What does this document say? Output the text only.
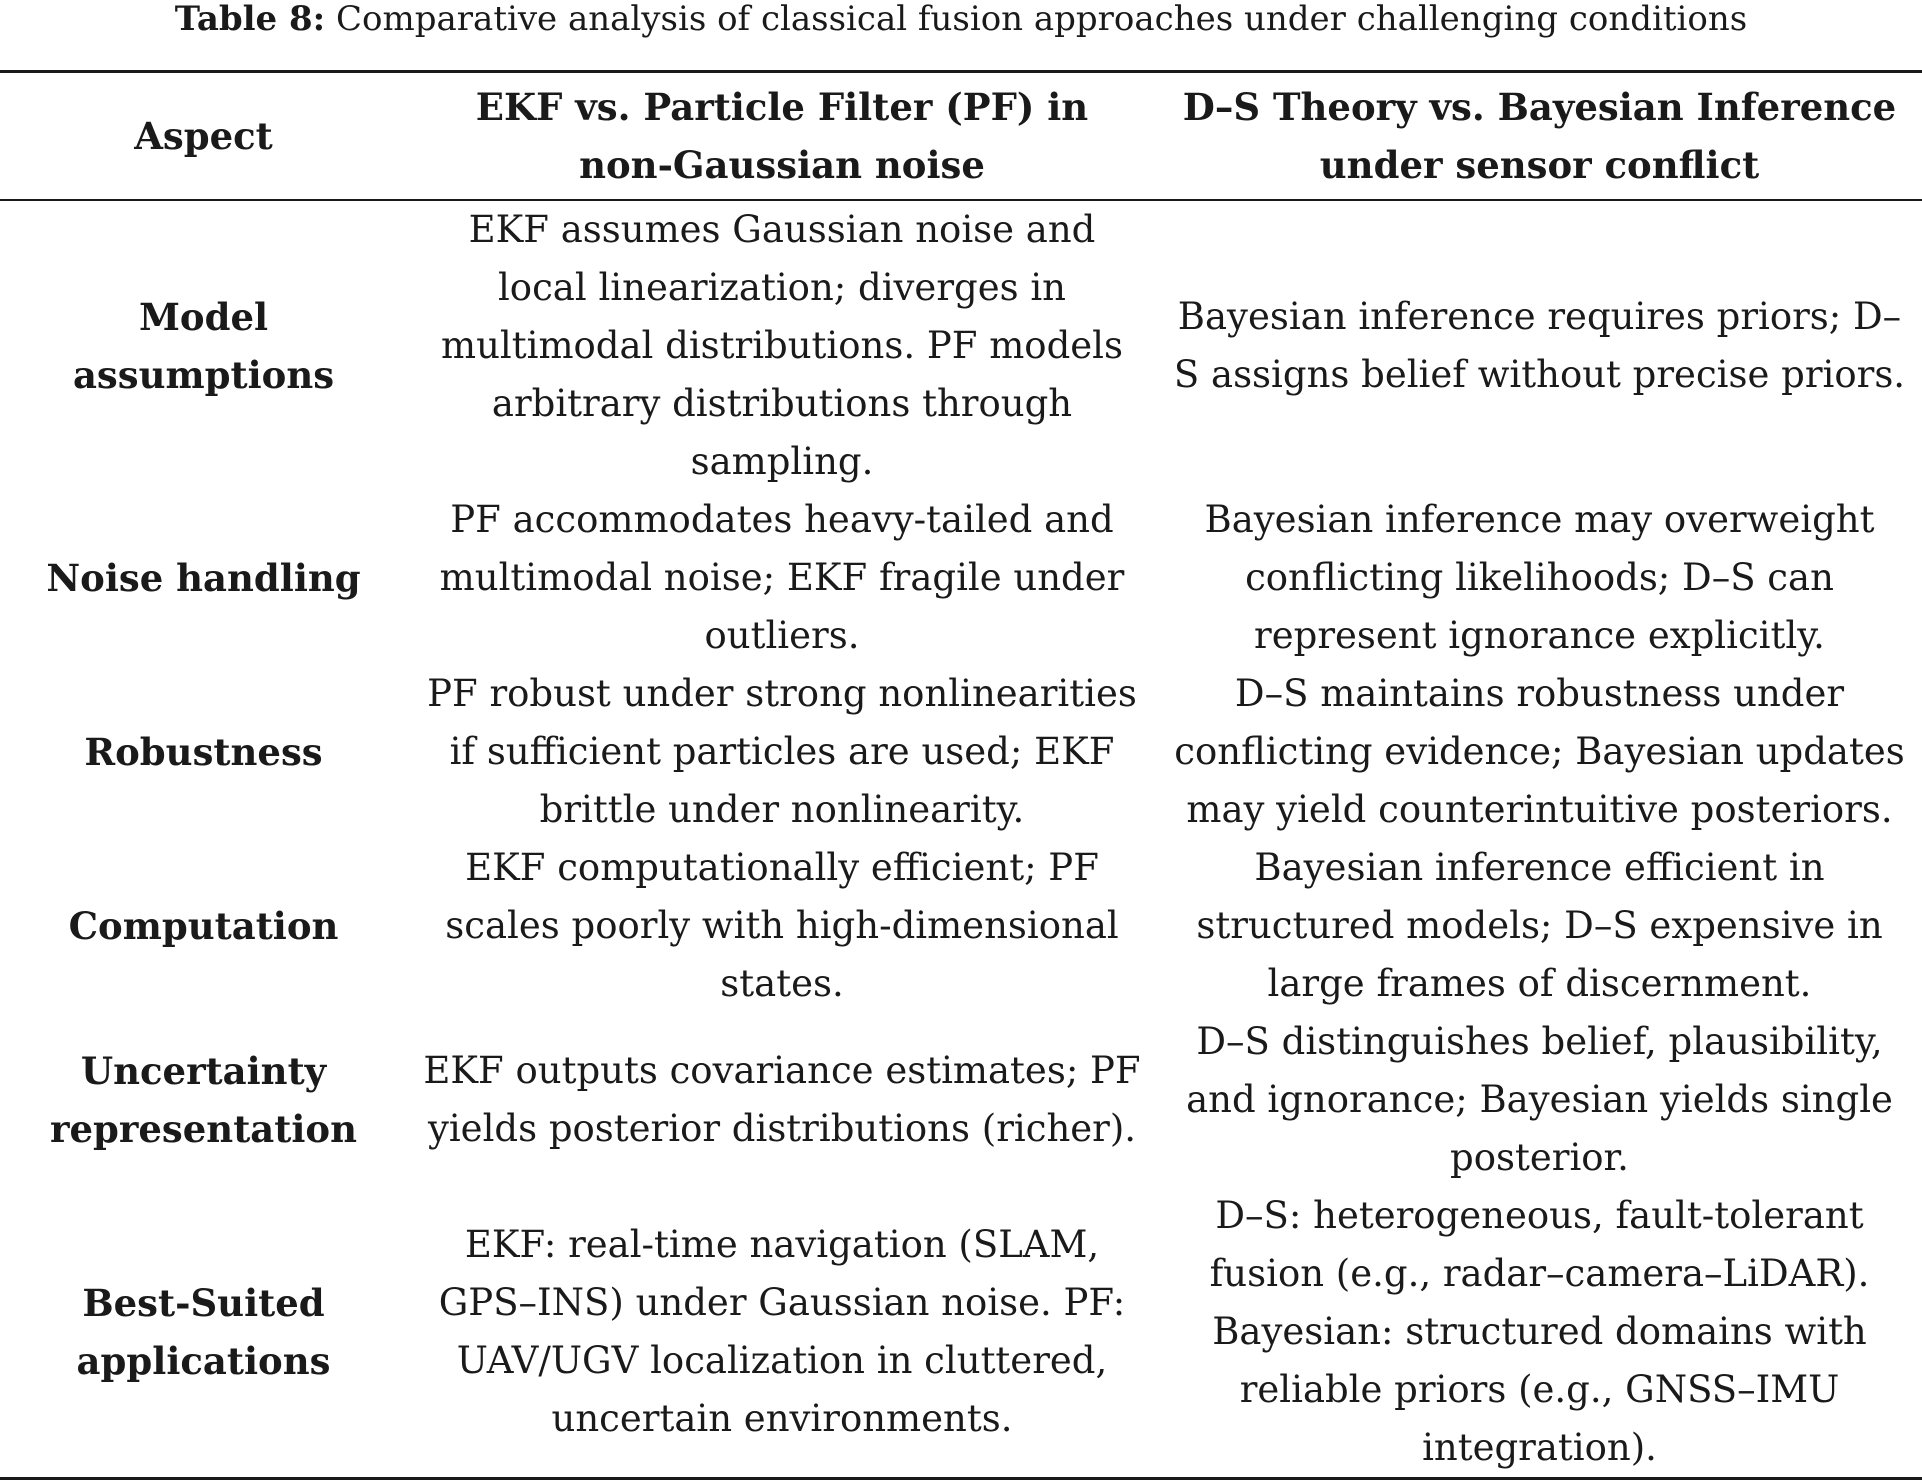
Table 8: Comparative analysis of classical fusion approaches under challenging conditions
Aspect	EKF vs. Particle Filter (PF) in non-Gaussian noise	D–S Theory vs. Bayesian Inference under sensor conflict
Model assumptions	EKF assumes Gaussian noise and local linearization; diverges in multimodal distributions. PF models arbitrary distributions through sampling.	Bayesian inference requires priors; D–S assigns belief without precise priors.
Noise handling	PF accommodates heavy-tailed and multimodal noise; EKF fragile under outliers.	Bayesian inference may overweight conflicting likelihoods; D–S can represent ignorance explicitly.
Robustness	PF robust under strong nonlinearities if sufficient particles are used; EKF brittle under nonlinearity.	D–S maintains robustness under conflicting evidence; Bayesian updates may yield counterintuitive posteriors.
Computation	EKF computationally efficient; PF scales poorly with high-dimensional states.	Bayesian inference efficient in structured models; D–S expensive in large frames of discernment.
Uncertainty representation	EKF outputs covariance estimates; PF yields posterior distributions (richer).	D–S distinguishes belief, plausibility, and ignorance; Bayesian yields single posterior.
Best-Suited applications	EKF: real-time navigation (SLAM, GPS–INS) under Gaussian noise. PF: UAV/UGV localization in cluttered, uncertain environments.	D–S: heterogeneous, fault-tolerant fusion (e.g., radar–camera–LiDAR). Bayesian: structured domains with reliable priors (e.g., GNSS–IMU integration).
